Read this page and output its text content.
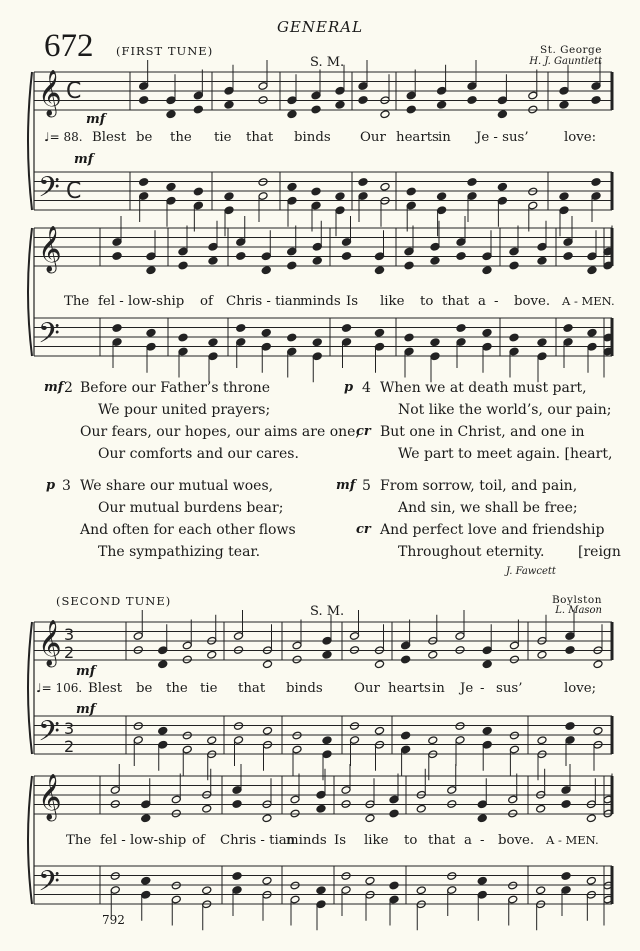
𝄞
𝄢
C
C
𝄞
𝄢
𝄞
𝄢
3
2
3
2
𝄞
𝄢
GENERAL
672 (FIRST TUNE)
S. M.
St. George
H. J. Gauntlett
mf
mf
♩= 88. Blest be the tie that binds Our hearts in Je - sus’	love:
The fel - low-ship of Chris - tian
minds Is like to that a - bove. A - MEN.
mf 2 Before our Father’s throne
We pour united prayers;
Our fears, our hopes, our aims are one;
Our comforts and our cares.
p 3 We share our mutual woes,
Our mutual burdens bear;
And often for each other flows
The sympathizing tear.
p 4 When we at death must part,
Not like the world’s, our pain;
cr But one in Christ, and one in
We part to meet again. [heart,
mf 5 From sorrow, toil, and pain,
And sin, we shall be free;
cr And perfect love and friendship
Throughout eternity. [reign
J. Fawcett
(SECOND TUNE)
S. M.
Boylston
L. Mason
mf
mf
♩= 106. Blest be the tie that binds Our hearts in Je - sus’	love;
The fel - low-ship of Chris - tian
minds Is like to that a - bove. A - MEN.
792
